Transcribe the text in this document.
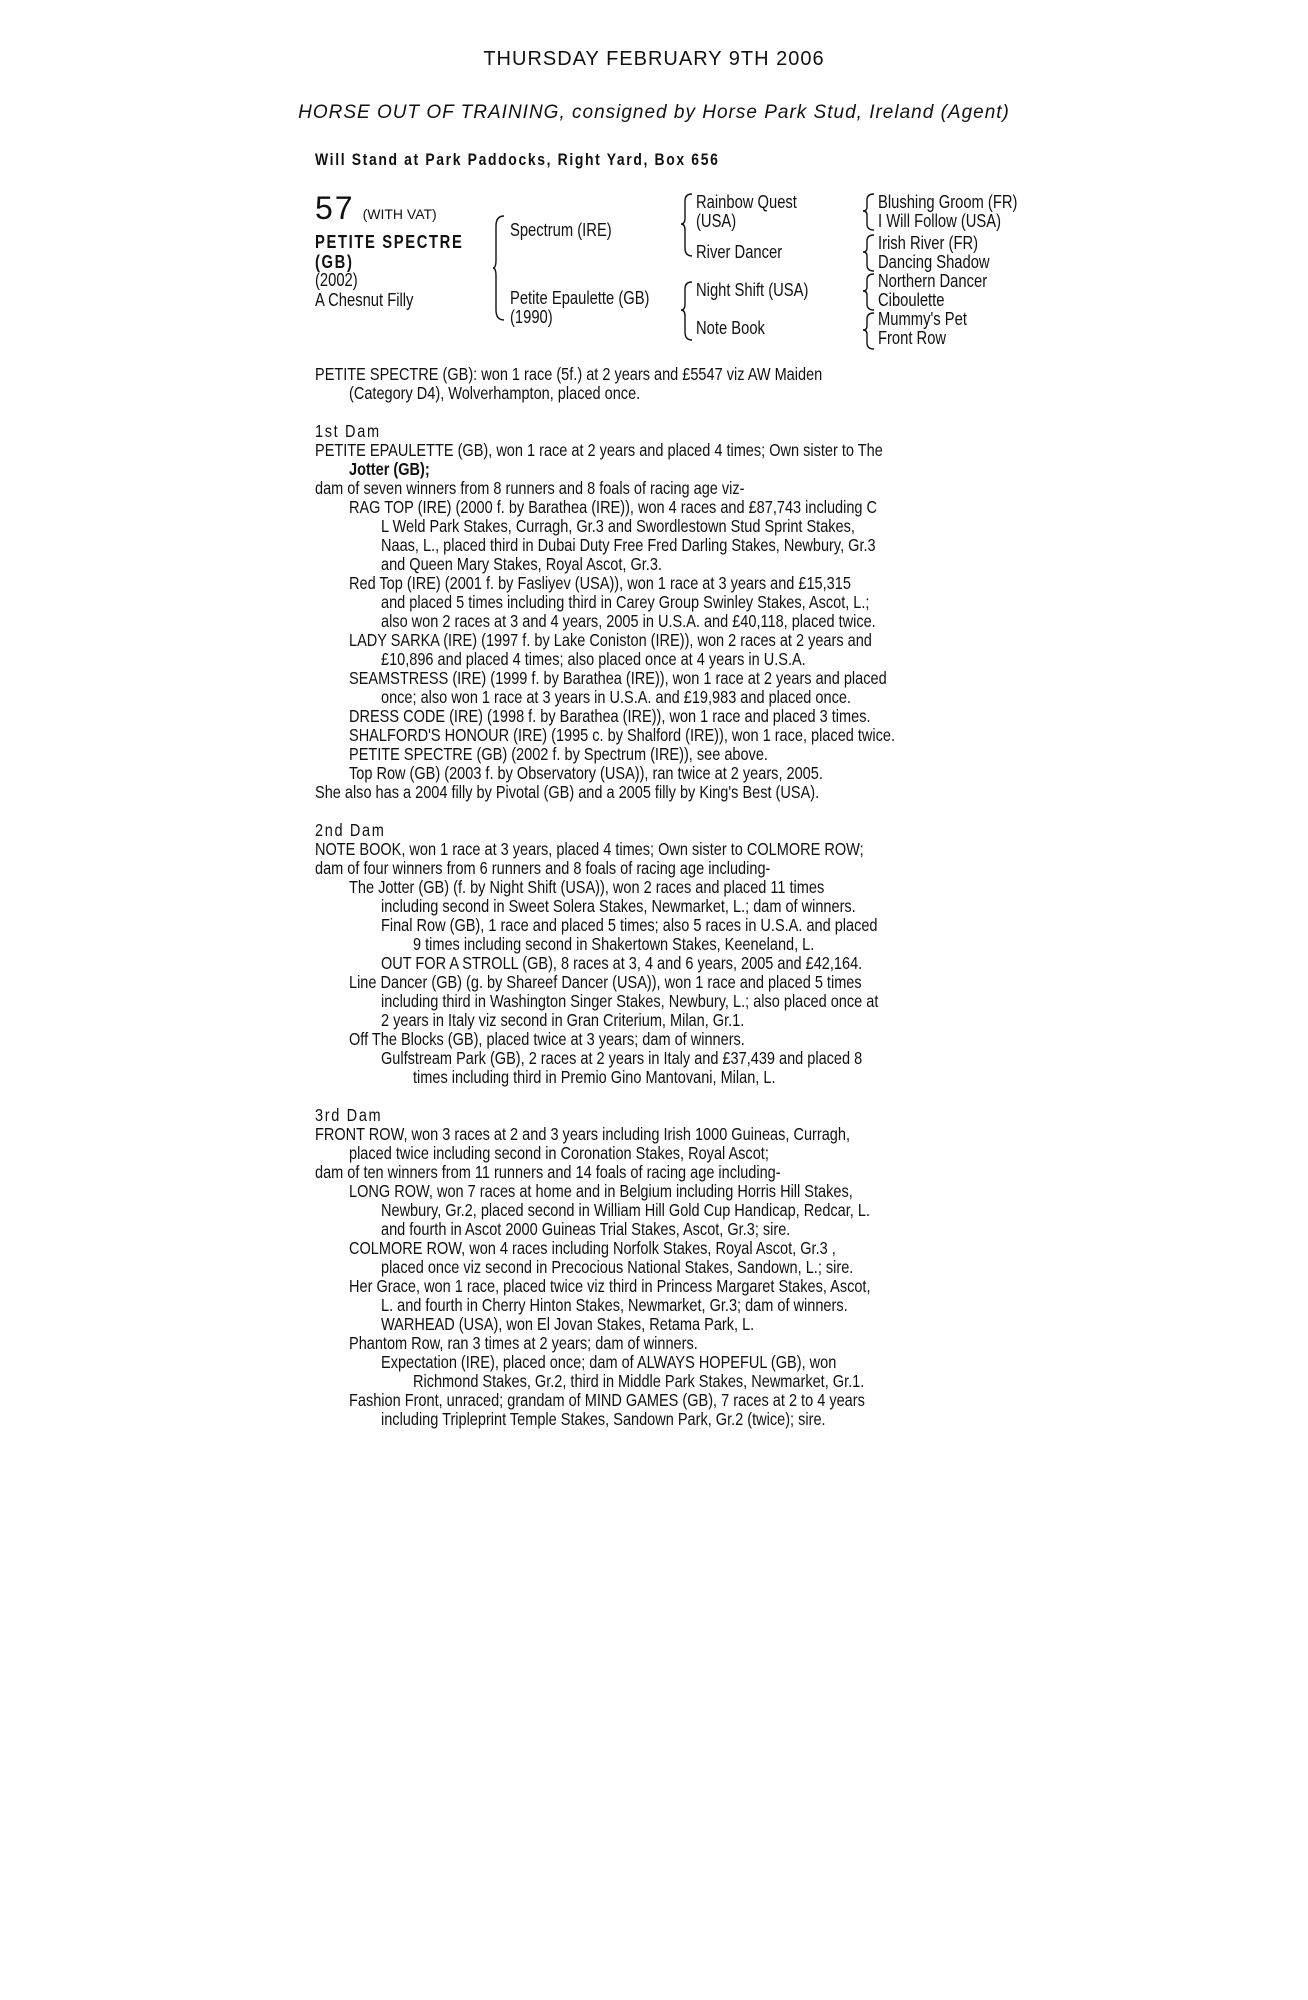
THURSDAY FEBRUARY 9TH 2006
HORSE OUT OF TRAINING, consigned by Horse Park Stud, Ireland (Agent)
Will Stand at Park Paddocks, Right Yard, Box 656
57 (WITH VAT)
PETITE SPECTRE
(GB)
(2002)
A Chesnut Filly
Spectrum (IRE)
Petite Epaulette (GB)
(1990)
Rainbow Quest
(USA)
River Dancer
Night Shift (USA)
Note Book
Blushing Groom (FR)
I Will Follow (USA)
Irish River (FR)
Dancing Shadow
Northern Dancer
Ciboulette
Mummy's Pet
Front Row
PETITE SPECTRE (GB): won 1 race (5f.) at 2 years and £5547 viz AW Maiden
(Category D4), Wolverhampton, placed once.
1st Dam
PETITE EPAULETTE (GB), won 1 race at 2 years and placed 4 times; Own sister to The
Jotter (GB);
dam of seven winners from 8 runners and 8 foals of racing age viz-
RAG TOP (IRE) (2000 f. by Barathea (IRE)), won 4 races and £87,743 including C
L Weld Park Stakes, Curragh, Gr.3 and Swordlestown Stud Sprint Stakes,
Naas, L., placed third in Dubai Duty Free Fred Darling Stakes, Newbury, Gr.3
and Queen Mary Stakes, Royal Ascot, Gr.3.
Red Top (IRE) (2001 f. by Fasliyev (USA)), won 1 race at 3 years and £15,315
and placed 5 times including third in Carey Group Swinley Stakes, Ascot, L.;
also won 2 races at 3 and 4 years, 2005 in U.S.A. and £40,118, placed twice.
LADY SARKA (IRE) (1997 f. by Lake Coniston (IRE)), won 2 races at 2 years and
£10,896 and placed 4 times; also placed once at 4 years in U.S.A.
SEAMSTRESS (IRE) (1999 f. by Barathea (IRE)), won 1 race at 2 years and placed
once; also won 1 race at 3 years in U.S.A. and £19,983 and placed once.
DRESS CODE (IRE) (1998 f. by Barathea (IRE)), won 1 race and placed 3 times.
SHALFORD'S HONOUR (IRE) (1995 c. by Shalford (IRE)), won 1 race, placed twice.
PETITE SPECTRE (GB) (2002 f. by Spectrum (IRE)), see above.
Top Row (GB) (2003 f. by Observatory (USA)), ran twice at 2 years, 2005.
She also has a 2004 filly by Pivotal (GB) and a 2005 filly by King's Best (USA).
2nd Dam
NOTE BOOK, won 1 race at 3 years, placed 4 times; Own sister to COLMORE ROW;
dam of four winners from 6 runners and 8 foals of racing age including-
The Jotter (GB) (f. by Night Shift (USA)), won 2 races and placed 11 times
including second in Sweet Solera Stakes, Newmarket, L.; dam of winners.
Final Row (GB), 1 race and placed 5 times; also 5 races in U.S.A. and placed
9 times including second in Shakertown Stakes, Keeneland, L.
OUT FOR A STROLL (GB), 8 races at 3, 4 and 6 years, 2005 and £42,164.
Line Dancer (GB) (g. by Shareef Dancer (USA)), won 1 race and placed 5 times
including third in Washington Singer Stakes, Newbury, L.; also placed once at
2 years in Italy viz second in Gran Criterium, Milan, Gr.1.
Off The Blocks (GB), placed twice at 3 years; dam of winners.
Gulfstream Park (GB), 2 races at 2 years in Italy and £37,439 and placed 8
times including third in Premio Gino Mantovani, Milan, L.
3rd Dam
FRONT ROW, won 3 races at 2 and 3 years including Irish 1000 Guineas, Curragh,
placed twice including second in Coronation Stakes, Royal Ascot;
dam of ten winners from 11 runners and 14 foals of racing age including-
LONG ROW, won 7 races at home and in Belgium including Horris Hill Stakes,
Newbury, Gr.2, placed second in William Hill Gold Cup Handicap, Redcar, L.
and fourth in Ascot 2000 Guineas Trial Stakes, Ascot, Gr.3; sire.
COLMORE ROW, won 4 races including Norfolk Stakes, Royal Ascot, Gr.3 ,
placed once viz second in Precocious National Stakes, Sandown, L.; sire.
Her Grace, won 1 race, placed twice viz third in Princess Margaret Stakes, Ascot,
L. and fourth in Cherry Hinton Stakes, Newmarket, Gr.3; dam of winners.
WARHEAD (USA), won El Jovan Stakes, Retama Park, L.
Phantom Row, ran 3 times at 2 years; dam of winners.
Expectation (IRE), placed once; dam of ALWAYS HOPEFUL (GB), won
Richmond Stakes, Gr.2, third in Middle Park Stakes, Newmarket, Gr.1.
Fashion Front, unraced; grandam of MIND GAMES (GB), 7 races at 2 to 4 years
including Tripleprint Temple Stakes, Sandown Park, Gr.2 (twice); sire.
